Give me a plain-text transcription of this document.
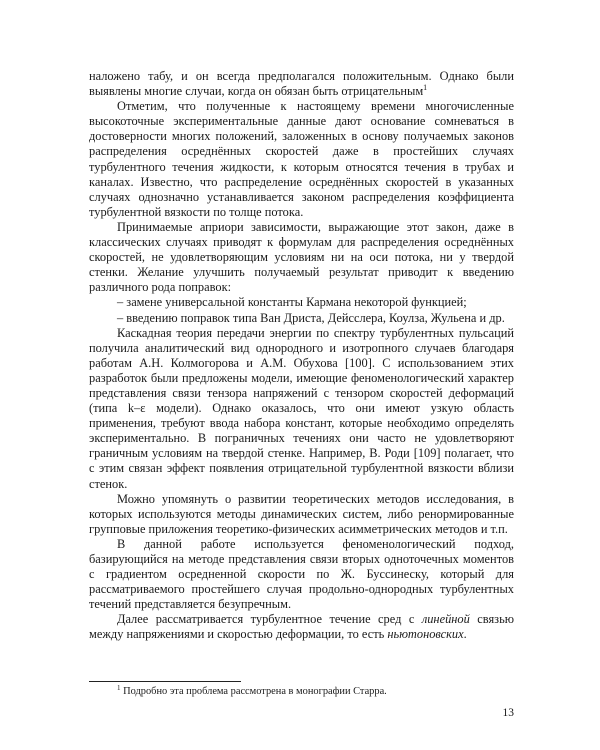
наложено табу, и он всегда предполагался положительным. Однако были выявлены многие случаи, когда он обязан быть отрицательным$^1$

Отметим, что полученные к настоящему времени многочисленные высокоточные экспериментальные данные дают основание сомневаться в достоверности многих положений, заложенных в основу получаемых законов распределения осреднённых скоростей даже в простейших случаях турбулентного течения жидкости, к которым относятся течения в трубах и каналах. Известно, что распределение осреднённых скоростей в указанных случаях однозначно устанавливается законом распределения коэффициента турбулентной вязкости по толще потока.

Принимаемые априори зависимости, выражающие этот закон, даже в классических случаях приводят к формулам для распределения осреднённых скоростей, не удовлетворяющим условиям ни на оси потока, ни у твердой стенки. Желание улучшить получаемый результат приводит к введению различного рода поправок:

– замене универсальной константы Кармана некоторой функцией;

– введению поправок типа Ван Дриста, Дейсслера, Коулза, Жульена и др.

Каскадная теория передачи энергии по спектру турбулентных пульсаций получила аналитический вид однородного и изотропного случаев благодаря работам А.Н. Колмогорова и А.М. Обухова [100]. С использованием этих разработок были предложены модели, имеющие феноменологический характер представления связи тензора напряжений с тензором скоростей деформаций (типа k–ε модели). Однако оказалось, что они имеют узкую область применения, требуют ввода набора констант, которые необходимо определять экспериментально. В пограничных течениях они часто не удовлетворяют граничным условиям на твердой стенке. Например, В. Роди [109] полагает, что с этим связан эффект появления отрицательной турбулентной вязкости вблизи стенок.

Можно упомянуть о развитии теоретических методов исследования, в которых используются методы динамических систем, либо ренормированные групповые приложения теоретико-физических асимметрических методов и т.п.

В данной работе используется феноменологический подход, базирующийся на методе представления связи вторых одноточечных моментов с градиентом осредненной скорости по Ж. Буссинеску, который для рассматриваемого простейшего случая продольно-однородных турбулентных течений представляется безупречным.

Далее рассматривается турбулентное течение сред с линейной связью между напряжениями и скоростью деформации, то есть ньютоновских.

$^1$ Подробно эта проблема рассмотрена в монографии Старра.
13
